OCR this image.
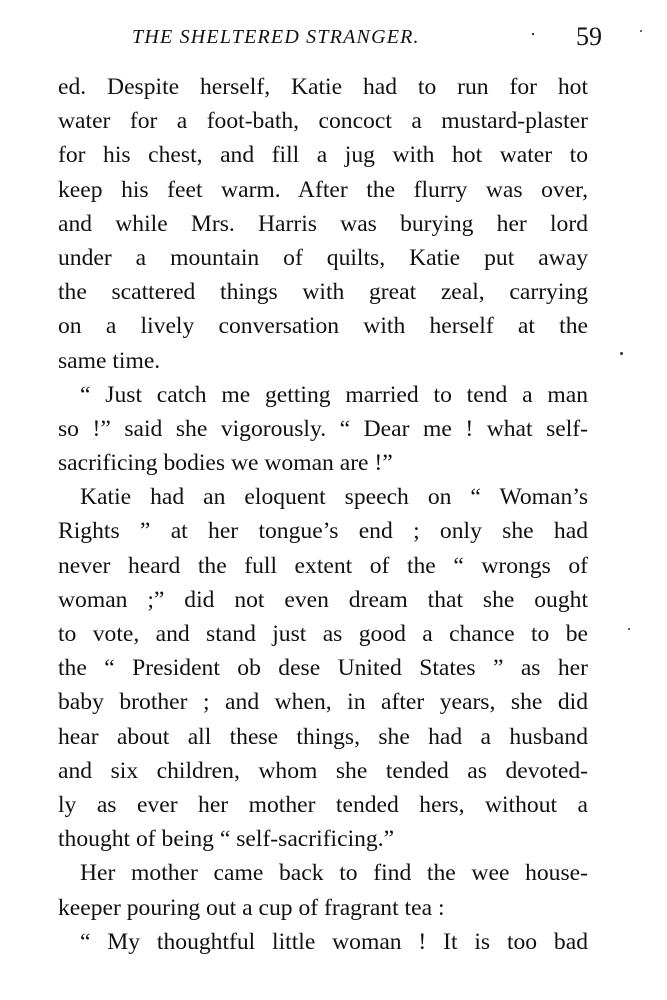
THE SHELTERED STRANGER.	· 59
ed. Despite herself, Katie had to run for hot
water for a foot-bath, concoct a mustard-plaster
for his chest, and fill a jug with hot water to
keep his feet warm. After the flurry was over,
and while Mrs. Harris was burying her lord
under a mountain of quilts, Katie put away
the scattered things with great zeal, carrying
on a lively conversation with herself at the
same time.
“ Just catch me getting married to tend a man
so !” said she vigorously. “ Dear me ! what self-
sacrificing bodies we woman are !”
Katie had an eloquent speech on “ Woman’s
Rights ” at her tongue’s end ; only she had
never heard the full extent of the “ wrongs of
woman ;” did not even dream that she ought
to vote, and stand just as good a chance to be
the “ President ob dese United States ” as her
baby brother ; and when, in after years, she did
hear about all these things, she had a husband
and six children, whom she tended as devoted-
ly as ever her mother tended hers, without a
thought of being “ self-sacrificing.”
Her mother came back to find the wee house-
keeper pouring out a cup of fragrant tea :
“ My thoughtful little woman ! It is too bad
